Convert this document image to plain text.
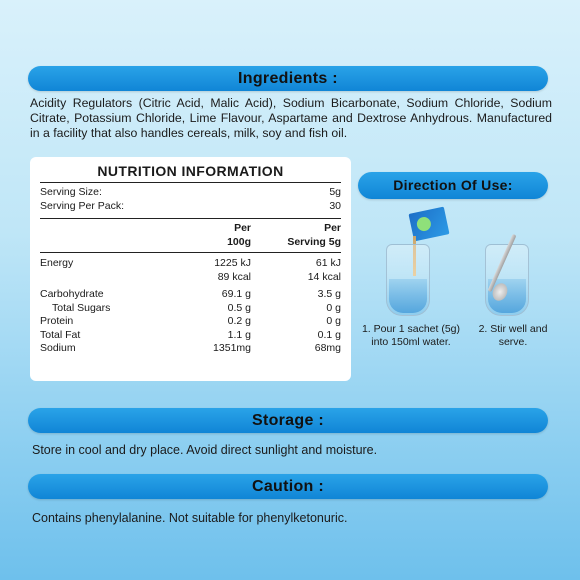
Ingredients :
Acidity Regulators (Citric Acid, Malic Acid), Sodium Bicarbonate, Sodium Chloride, Sodium Citrate, Potassium Chloride, Lime Flavour, Aspartame and Dextrose Anhydrous. Manufactured in a facility that also handles cereals, milk, soy and fish oil.
NUTRITION INFORMATION
Serving Size:	5g
Serving Per Pack:	30
Per	Per
100g	Serving 5g
Energy	1225 kJ	61 kJ
89 kcal	14 kcal
Carbohydrate	69.1 g	3.5 g
Total Sugars	0.5 g	0 g
Protein	0.2 g	0 g
Total Fat	1.1 g	0.1 g
Sodium	1351mg	68mg
Direction Of Use:
1. Pour 1 sachet (5g) into 150ml water.
2. Stir well and serve.
Storage :
Store in cool and dry place. Avoid direct sunlight and moisture.
Caution :
Contains phenylalanine. Not suitable for phenylketonuric.
